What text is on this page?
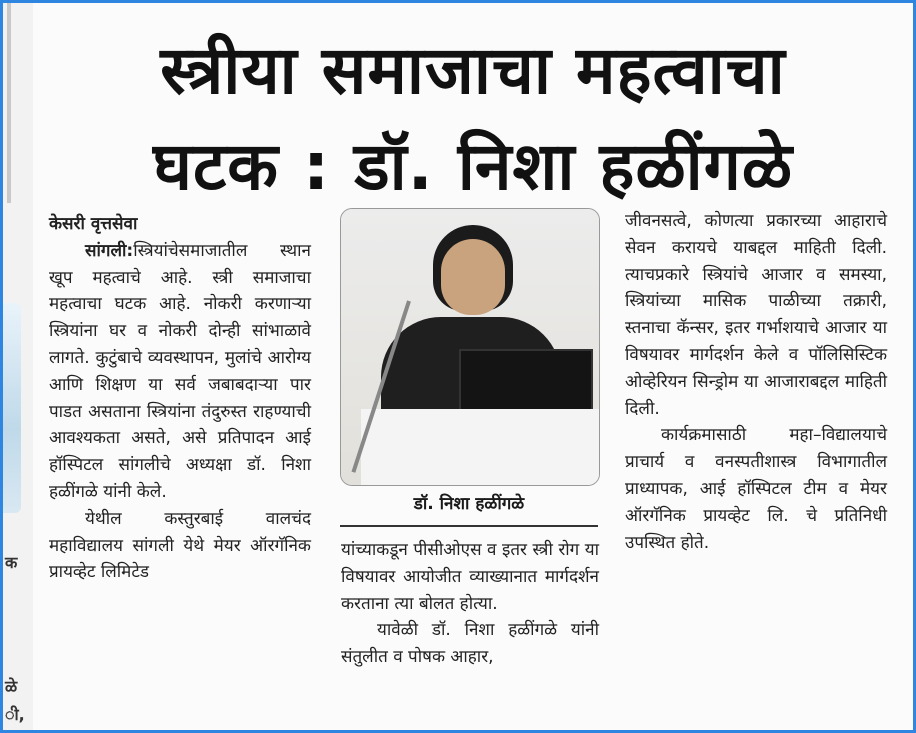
क
ळे
ी,
स्त्रीया समाजाचा महत्वाचा
घटक : डॉ. निशा हळींगळे

केसरी वृत्तसेवा

सांगली:स्त्रियांचेसमाजातील स्थान खूप महत्वाचे आहे. स्त्री समाजाचा महत्वाचा घटक आहे. नोकरी करणाऱ्या स्त्रियांना घर व नोकरी दोन्ही सांभाळावे लागते. कुटुंबाचे व्यवस्थापन, मुलांचे आरोग्य आणि शिक्षण या सर्व जबाबदाऱ्या पार पाडत असताना स्त्रियांना तंदुरुस्त राहण्याची आवश्यकता असते, असे प्रतिपादन आई हॉस्पिटल सांगलीचे अध्यक्षा डॉ. निशा हळींगळे यांनी केले.

येथील कस्तुरबाई वालचंद महाविद्यालय सांगली येथे मेयर ऑरगॅनिक प्रायव्हेट लिमिटेड

डॉ. निशा हळींगळे

यांच्याकडून पीसीओएस व इतर स्त्री रोग या विषयावर आयोजीत व्याख्यानात मार्गदर्शन करताना त्या बोलत होत्या.

यावेळी डॉ. निशा हळींगळे यांनी संतुलीत व पोषक आहार,

जीवनसत्वे, कोणत्या प्रकारच्या आहाराचे सेवन करायचे याबद्दल माहिती दिली. त्याचप्रकारे स्त्रियांचे आजार व समस्या, स्त्रियांच्या मासिक पाळीच्या तक्रारी, स्तनाचा कॅन्सर, इतर गर्भाशयाचे आजार या विषयावर मार्गदर्शन केले व पॉलिसिस्टिक ओव्हेरियन सिन्ड्रोम या आजाराबद्दल माहिती दिली.

कार्यक्रमासाठी महा–विद्यालयाचे प्राचार्य व वनस्पतीशास्त्र विभागातील प्राध्यापक, आई हॉस्पिटल टीम व मेयर ऑरगॅनिक प्रायव्हेट लि. चे प्रतिनिधी उपस्थित होते.
